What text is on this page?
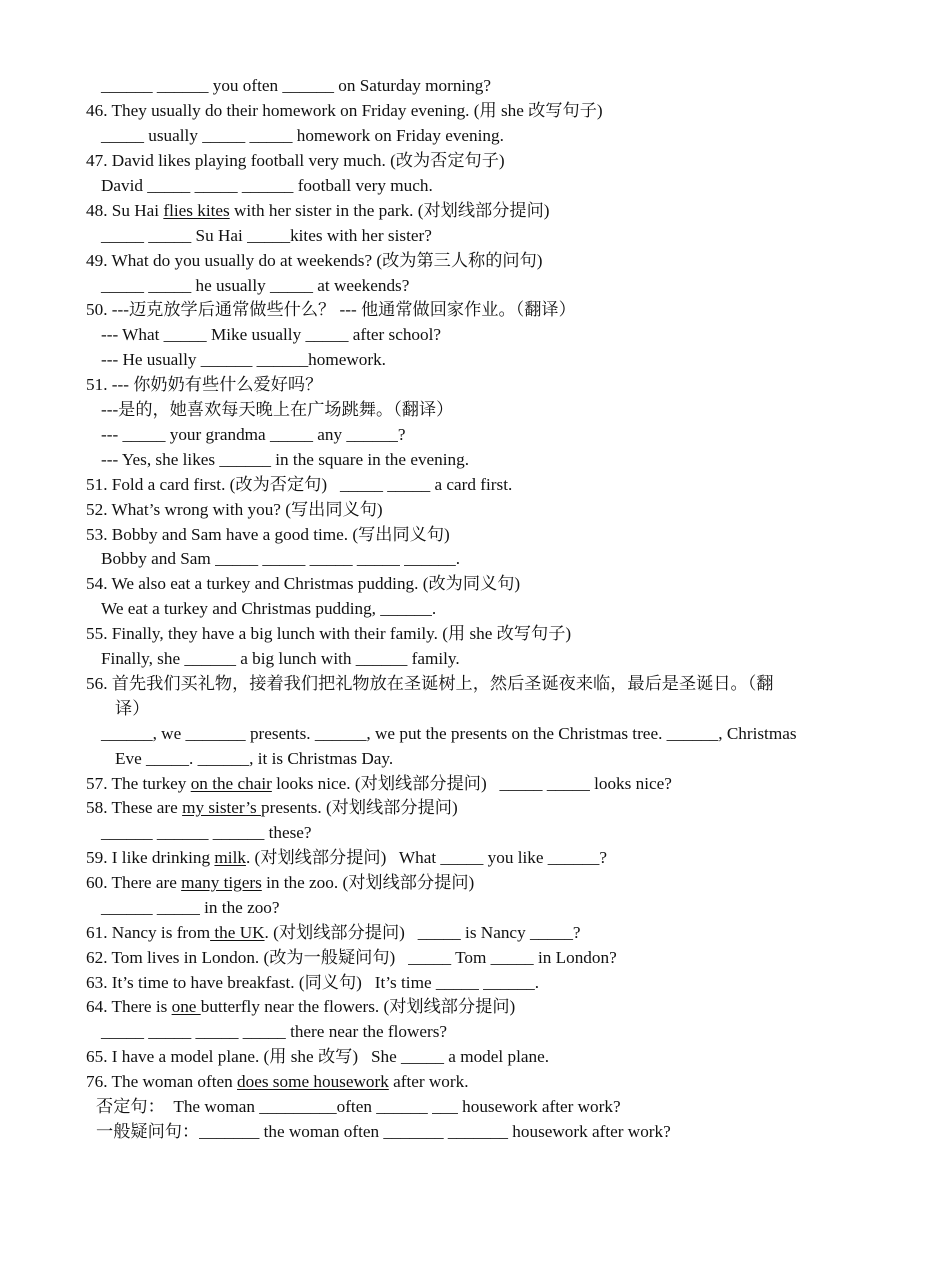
______ ______ you often ______ on Saturday morning?
46. They usually do their homework on Friday evening. (用 she 改写句子)
_____ usually _____ _____ homework on Friday evening.
47. David likes playing football very much. (改为否定句子)
David _____ _____ ______ football very much.
48. Su Hai flies kites with her sister in the park. (对划线部分提问)
_____ _____ Su Hai _____kites with her sister?
49. What do you usually do at weekends? (改为第三人称的问句)
_____ _____ he usually _____ at weekends?
50. ---迈克放学后通常做些什么？ --- 他通常做回家作业。（翻译）
--- What _____ Mike usually _____ after school?
--- He usually ______ ______homework.
51. --- 你奶奶有些什么爱好吗？
---是的，她喜欢每天晚上在广场跳舞。（翻译）
--- _____ your grandma _____ any ______?
--- Yes, she likes ______ in the square in the evening.
51. Fold a card first. (改为否定句)   _____ _____ a card first.
52. What’s wrong with you? (写出同义句)
53. Bobby and Sam have a good time. (写出同义句)
Bobby and Sam _____ _____ _____ _____ ______.
54. We also eat a turkey and Christmas pudding. (改为同义句)
We eat a turkey and Christmas pudding, ______.
55. Finally, they have a big lunch with their family. (用 she 改写句子)
Finally, she ______ a big lunch with ______ family.
56. 首先我们买礼物，接着我们把礼物放在圣诞树上，然后圣诞夜来临，最后是圣诞日。（翻
译）
______, we _______ presents. ______, we put the presents on the Christmas tree. ______, Christmas
Eve _____. ______, it is Christmas Day.
57. The turkey on the chair looks nice. (对划线部分提问)   _____ _____ looks nice?
58. These are my sister’s presents. (对划线部分提问)
______ ______ ______ these?
59. I like drinking milk. (对划线部分提问)   What _____ you like ______?
60. There are many tigers in the zoo. (对划线部分提问)
______ _____ in the zoo?
61. Nancy is from the UK. (对划线部分提问)   _____ is Nancy _____?
62. Tom lives in London. (改为一般疑问句)   _____ Tom _____ in London?
63. It’s time to have breakfast. (同义句)   It’s time _____ ______.
64. There is one butterfly near the flowers. (对划线部分提问)
_____ _____ _____ _____ there near the flowers?
65. I have a model plane. (用 she 改写)   She _____ a model plane.
76. The woman often does some housework after work.
否定句：  The woman _________often ______ ___ housework after work?
一般疑问句：_______ the woman often _______ _______ housework after work?
